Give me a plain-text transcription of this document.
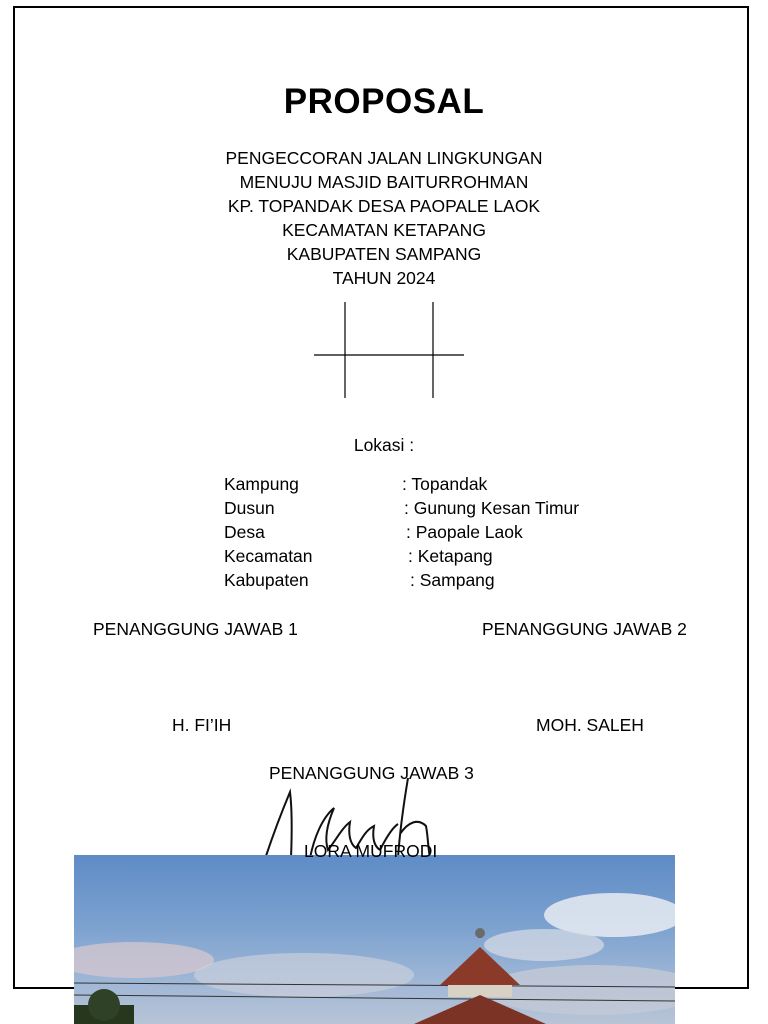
PROPOSAL
PENGECCORAN JALAN LINGKUNGAN
MENUJU MASJID BAITURROHMAN
KP. TOPANDAK DESA PAOPALE LAOK
KECAMATAN KETAPANG
KABUPATEN SAMPANG
TAHUN 2024
Lokasi :
Kampung	: Topandak
Dusun	: Gunung Kesan Timur
Desa	: Paopale Laok
Kecamatan	: Ketapang
Kabupaten	: Sampang
PENANGGUNG JAWAB 1	PENANGGUNG JAWAB 2
H. FI’IH	MOH. SALEH
PENANGGUNG JAWAB 3
LORA MUFRODI
